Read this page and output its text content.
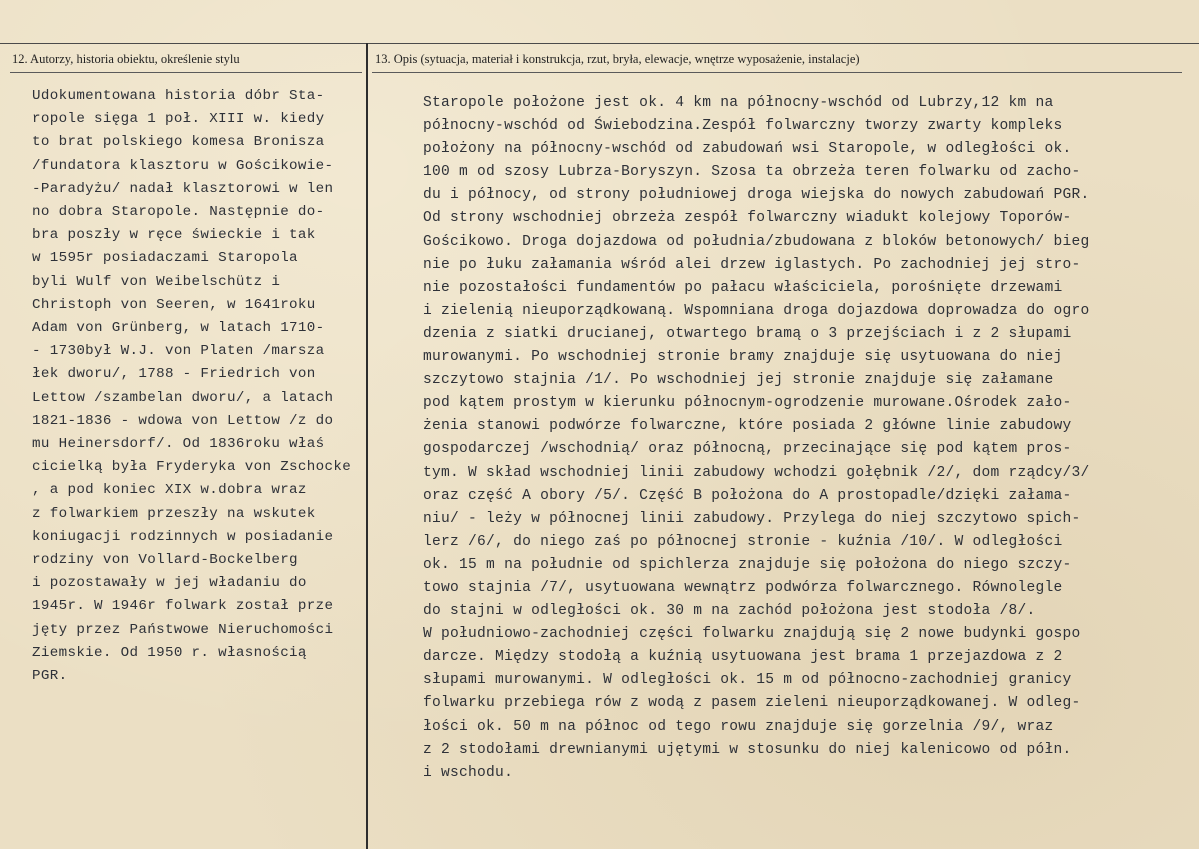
12. Autorzy, historia obiektu, określenie stylu	13. Opis (sytuacja, materiał i konstrukcja, rzut, bryła, elewacje, wnętrze wyposażenie, instalacje)
Udokumentowana historia dóbr Sta-
ropole sięga 1 poł. XIII w. kiedy
to brat polskiego komesa Bronisza
/fundatora klasztoru w Gościkowie-
-Paradyżu/ nadał klasztorowi w len
no dobra Staropole. Następnie do-
bra poszły w ręce świeckie i tak
w 1595r posiadaczami Staropola
byli Wulf von Weibelschütz i
Christoph von Seeren, w 1641roku
Adam von Grünberg, w latach 1710-
- 1730był W.J. von Platen /marsza
łek dworu/, 1788 - Friedrich von
Lettow /szambelan dworu/, a latach
1821-1836 - wdowa von Lettow /z do
mu Heinersdorf/. Od 1836roku właś
cicielką była Fryderyka von Zschocke
, a pod koniec XIX w.dobra wraz
z folwarkiem przeszły na wskutek
koniugacji rodzinnych w posiadanie
rodziny von Vollard-Bockelberg
i pozostawały w jej władaniu do
1945r. W 1946r folwark został prze
jęty przez Państwowe Nieruchomości
Ziemskie. Od 1950 r. własnością
PGR.
Staropole położone jest ok. 4 km na północny-wschód od Lubrzy,12 km na
północny-wschód od Świebodzina.Zespół folwarczny tworzy zwarty kompleks
położony na północny-wschód od zabudowań wsi Staropole, w odległości ok.
100 m od szosy Lubrza-Boryszyn. Szosa ta obrzeża teren folwarku od zacho-
du i północy, od strony południowej droga wiejska do nowych zabudowań PGR.
Od strony wschodniej obrzeża zespół folwarczny wiadukt kolejowy Toporów-
Gościkowo. Droga dojazdowa od południa/zbudowana z bloków betonowych/ bieg
nie po łuku załamania wśród alei drzew iglastych. Po zachodniej jej stro-
nie pozostałości fundamentów po pałacu właściciela, porośnięte drzewami
i zielenią nieuporządkowaną. Wspomniana droga dojazdowa doprowadza do ogro
dzenia z siatki drucianej, otwartego bramą o 3 przejściach i z 2 słupami
murowanymi. Po wschodniej stronie bramy znajduje się usytuowana do niej
szczytowo stajnia /1/. Po wschodniej jej stronie znajduje się załamane
pod kątem prostym w kierunku północnym-ogrodzenie murowane.Ośrodek zało-
żenia stanowi podwórze folwarczne, które posiada 2 główne linie zabudowy
gospodarczej /wschodnią/ oraz północną, przecinające się pod kątem pros-
tym. W skład wschodniej linii zabudowy wchodzi gołębnik /2/, dom rządcy/3/
oraz część A obory /5/. Część B położona do A prostopadle/dzięki załama-
niu/ - leży w północnej linii zabudowy. Przylega do niej szczytowo spich-
lerz /6/, do niego zaś po północnej stronie - kuźnia /10/. W odległości
ok. 15 m na południe od spichlerza znajduje się położona do niego szczy-
towo stajnia /7/, usytuowana wewnątrz podwórza folwarcznego. Równolegle
do stajni w odległości ok. 30 m na zachód położona jest stodoła /8/.
W południowo-zachodniej części folwarku znajdują się 2 nowe budynki gospo
darcze. Między stodołą a kuźnią usytuowana jest brama 1 przejazdowa z 2
słupami murowanymi. W odległości ok. 15 m od północno-zachodniej granicy
folwarku przebiega rów z wodą z pasem zieleni nieuporządkowanej. W odleg-
łości ok. 50 m na północ od tego rowu znajduje się gorzelnia /9/, wraz
z 2 stodołami drewnianymi ujętymi w stosunku do niej kalenicowo od półn.
i wschodu.
